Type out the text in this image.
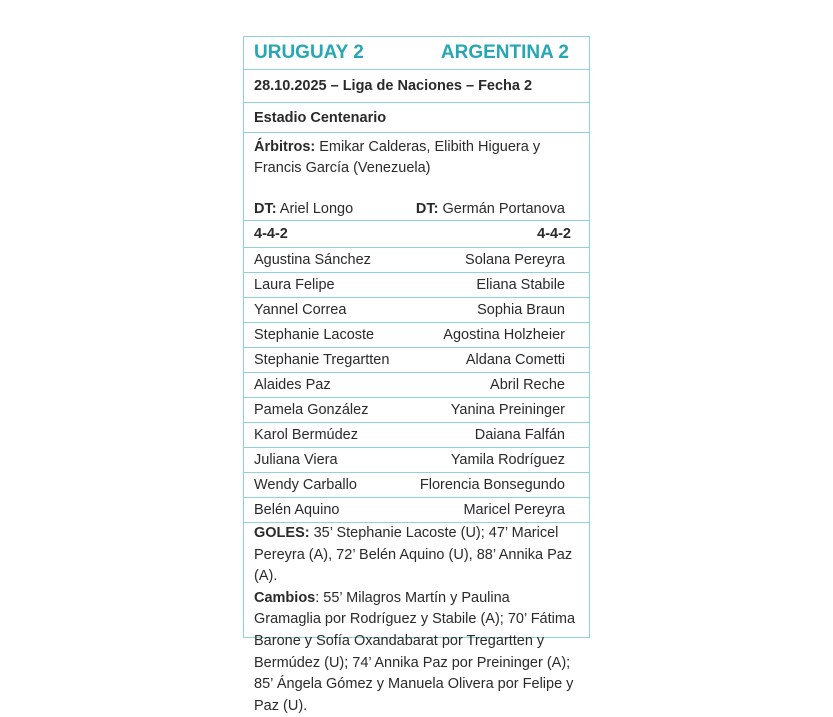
URUGUAY 2	ARGENTINA 2
28.10.2025 – Liga de Naciones – Fecha 2
Estadio Centenario
Árbitros: Emikar Calderas, Elibith Higuera y Francis García (Venezuela)
DT: Ariel Longo	DT: Germán Portanova
4-4-2	4-4-2
Agustina Sánchez	Solana Pereyra
Laura Felipe	Eliana Stabile
Yannel Correa	Sophia Braun
Stephanie Lacoste	Agostina Holzheier
Stephanie Tregartten	Aldana Cometti
Alaides Paz	Abril Reche
Pamela González	Yanina Preininger
Karol Bermúdez	Daiana Falfán
Juliana Viera	Yamila Rodríguez
Wendy Carballo	Florencia Bonsegundo
Belén Aquino	Maricel Pereyra
GOLES: 35’ Stephanie Lacoste (U); 47’ Maricel Pereyra (A), 72’ Belén Aquino (U), 88’ Annika Paz (A).
Cambios: 55’ Milagros Martín y Paulina Gramaglia por Rodríguez y Stabile (A); 70’ Fátima Barone y Sofía Oxandabarat por Tregartten y Bermúdez (U); 74’ Annika Paz por Preininger (A); 85’ Ángela Gómez y Manuela Olivera por Felipe y Paz (U).
